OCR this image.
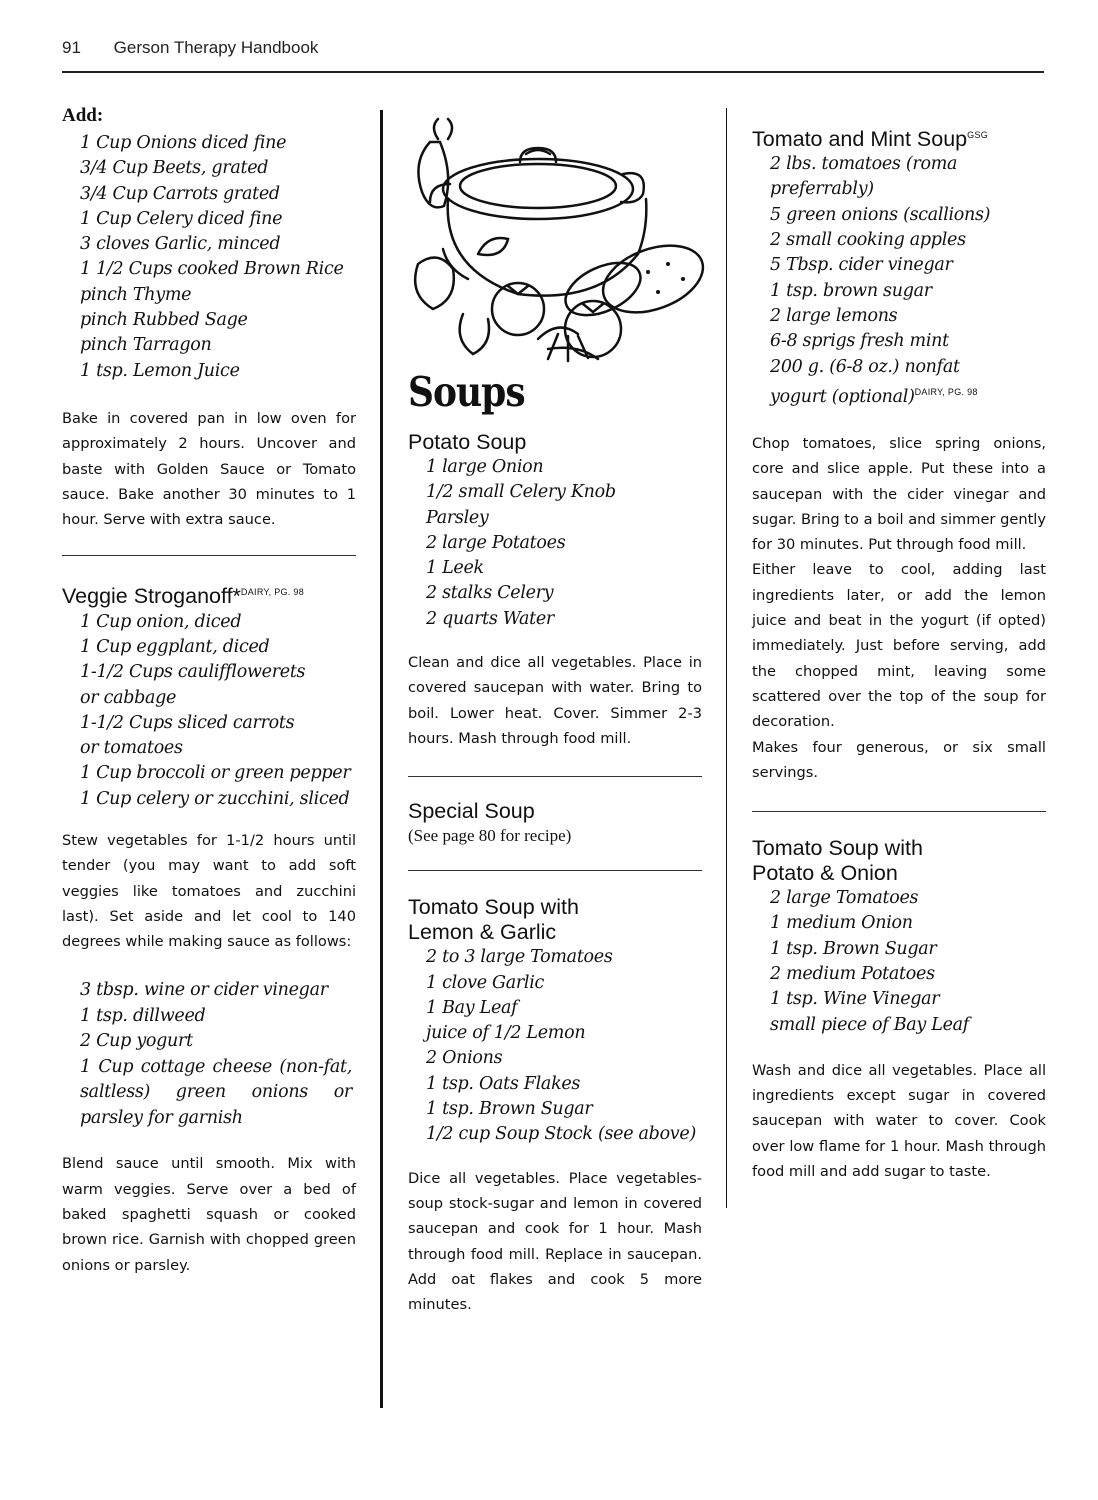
91 Gerson Therapy Handbook
Add:
1 Cup Onions diced fine
3/4 Cup Beets, grated
3/4 Cup Carrots grated
1 Cup Celery diced fine
3 cloves Garlic, minced
1 1/2 Cups cooked Brown Rice
pinch Thyme
pinch Rubbed Sage
pinch Tarragon
1 tsp. Lemon Juice

Bake in covered pan in low oven for approximately 2 hours. Uncover and baste with Golden Sauce or Tomato sauce. Bake another 30 minutes to 1 hour. Serve with extra sauce.

Veggie Stroganoff*$^{DAIRY, PG. 98}$
1 Cup onion, diced
1 Cup eggplant, diced
1-1/2 Cups caulifflowerets
or cabbage
1-1/2 Cups sliced carrots
or tomatoes
1 Cup broccoli or green pepper
1 Cup celery or zucchini, sliced

Stew vegetables for 1-1/2 hours until tender (you may want to add soft veggies like tomatoes and zucchini last). Set aside and let cool to 140 degrees while making sauce as follows:

3 tbsp. wine or cider vinegar
1 tsp. dillweed
2 Cup yogurt
1 Cup cottage cheese (non-fat, saltless) green onions or parsley for garnish

Blend sauce until smooth. Mix with warm veggies. Serve over a bed of baked spaghetti squash or cooked brown rice. Garnish with chopped green onions or parsley.

Soups
Potato Soup
1 large Onion
1/2 small Celery Knob
Parsley
2 large Potatoes
1 Leek
2 stalks Celery
2 quarts Water

Clean and dice all vegetables. Place in covered saucepan with water. Bring to boil. Lower heat. Cover. Simmer 2-3 hours. Mash through food mill.

Special Soup
(See page 80 for recipe)
Tomato Soup with
Lemon & Garlic
2 to 3 large Tomatoes
1 clove Garlic
1 Bay Leaf
juice of 1/2 Lemon
2 Onions
1 tsp. Oats Flakes
1 tsp. Brown Sugar
1/2 cup Soup Stock (see above)

Dice all vegetables. Place vegetables-soup stock-sugar and lemon in covered saucepan and cook for 1 hour. Mash through food mill. Replace in saucepan. Add oat flakes and cook 5 more minutes.

Tomato and Mint Soup$^{GSG}$
2 lbs. tomatoes (roma preferrably)
5 green onions (scallions)
2 small cooking apples
5 Tbsp. cider vinegar
1 tsp. brown sugar
2 large lemons
6-8 sprigs fresh mint
200 g. (6-8 oz.) nonfat
yogurt (optional)$^{DAIRY, PG. 98}$

Chop tomatoes, slice spring onions, core and slice apple. Put these into a saucepan with the cider vinegar and sugar. Bring to a boil and simmer gently for 30 minutes. Put through food mill.

Either leave to cool, adding last ingredients later, or add the lemon juice and beat in the yogurt (if opted) immediately. Just before serving, add the chopped mint, leaving some scattered over the top of the soup for decoration.

Makes four generous, or six small servings.

Tomato Soup with
Potato & Onion
2 large Tomatoes
1 medium Onion
1 tsp. Brown Sugar
2 medium Potatoes
1 tsp. Wine Vinegar
small piece of Bay Leaf

Wash and dice all vegetables. Place all ingredients except sugar in covered saucepan with water to cover. Cook over low flame for 1 hour. Mash through food mill and add sugar to taste.
